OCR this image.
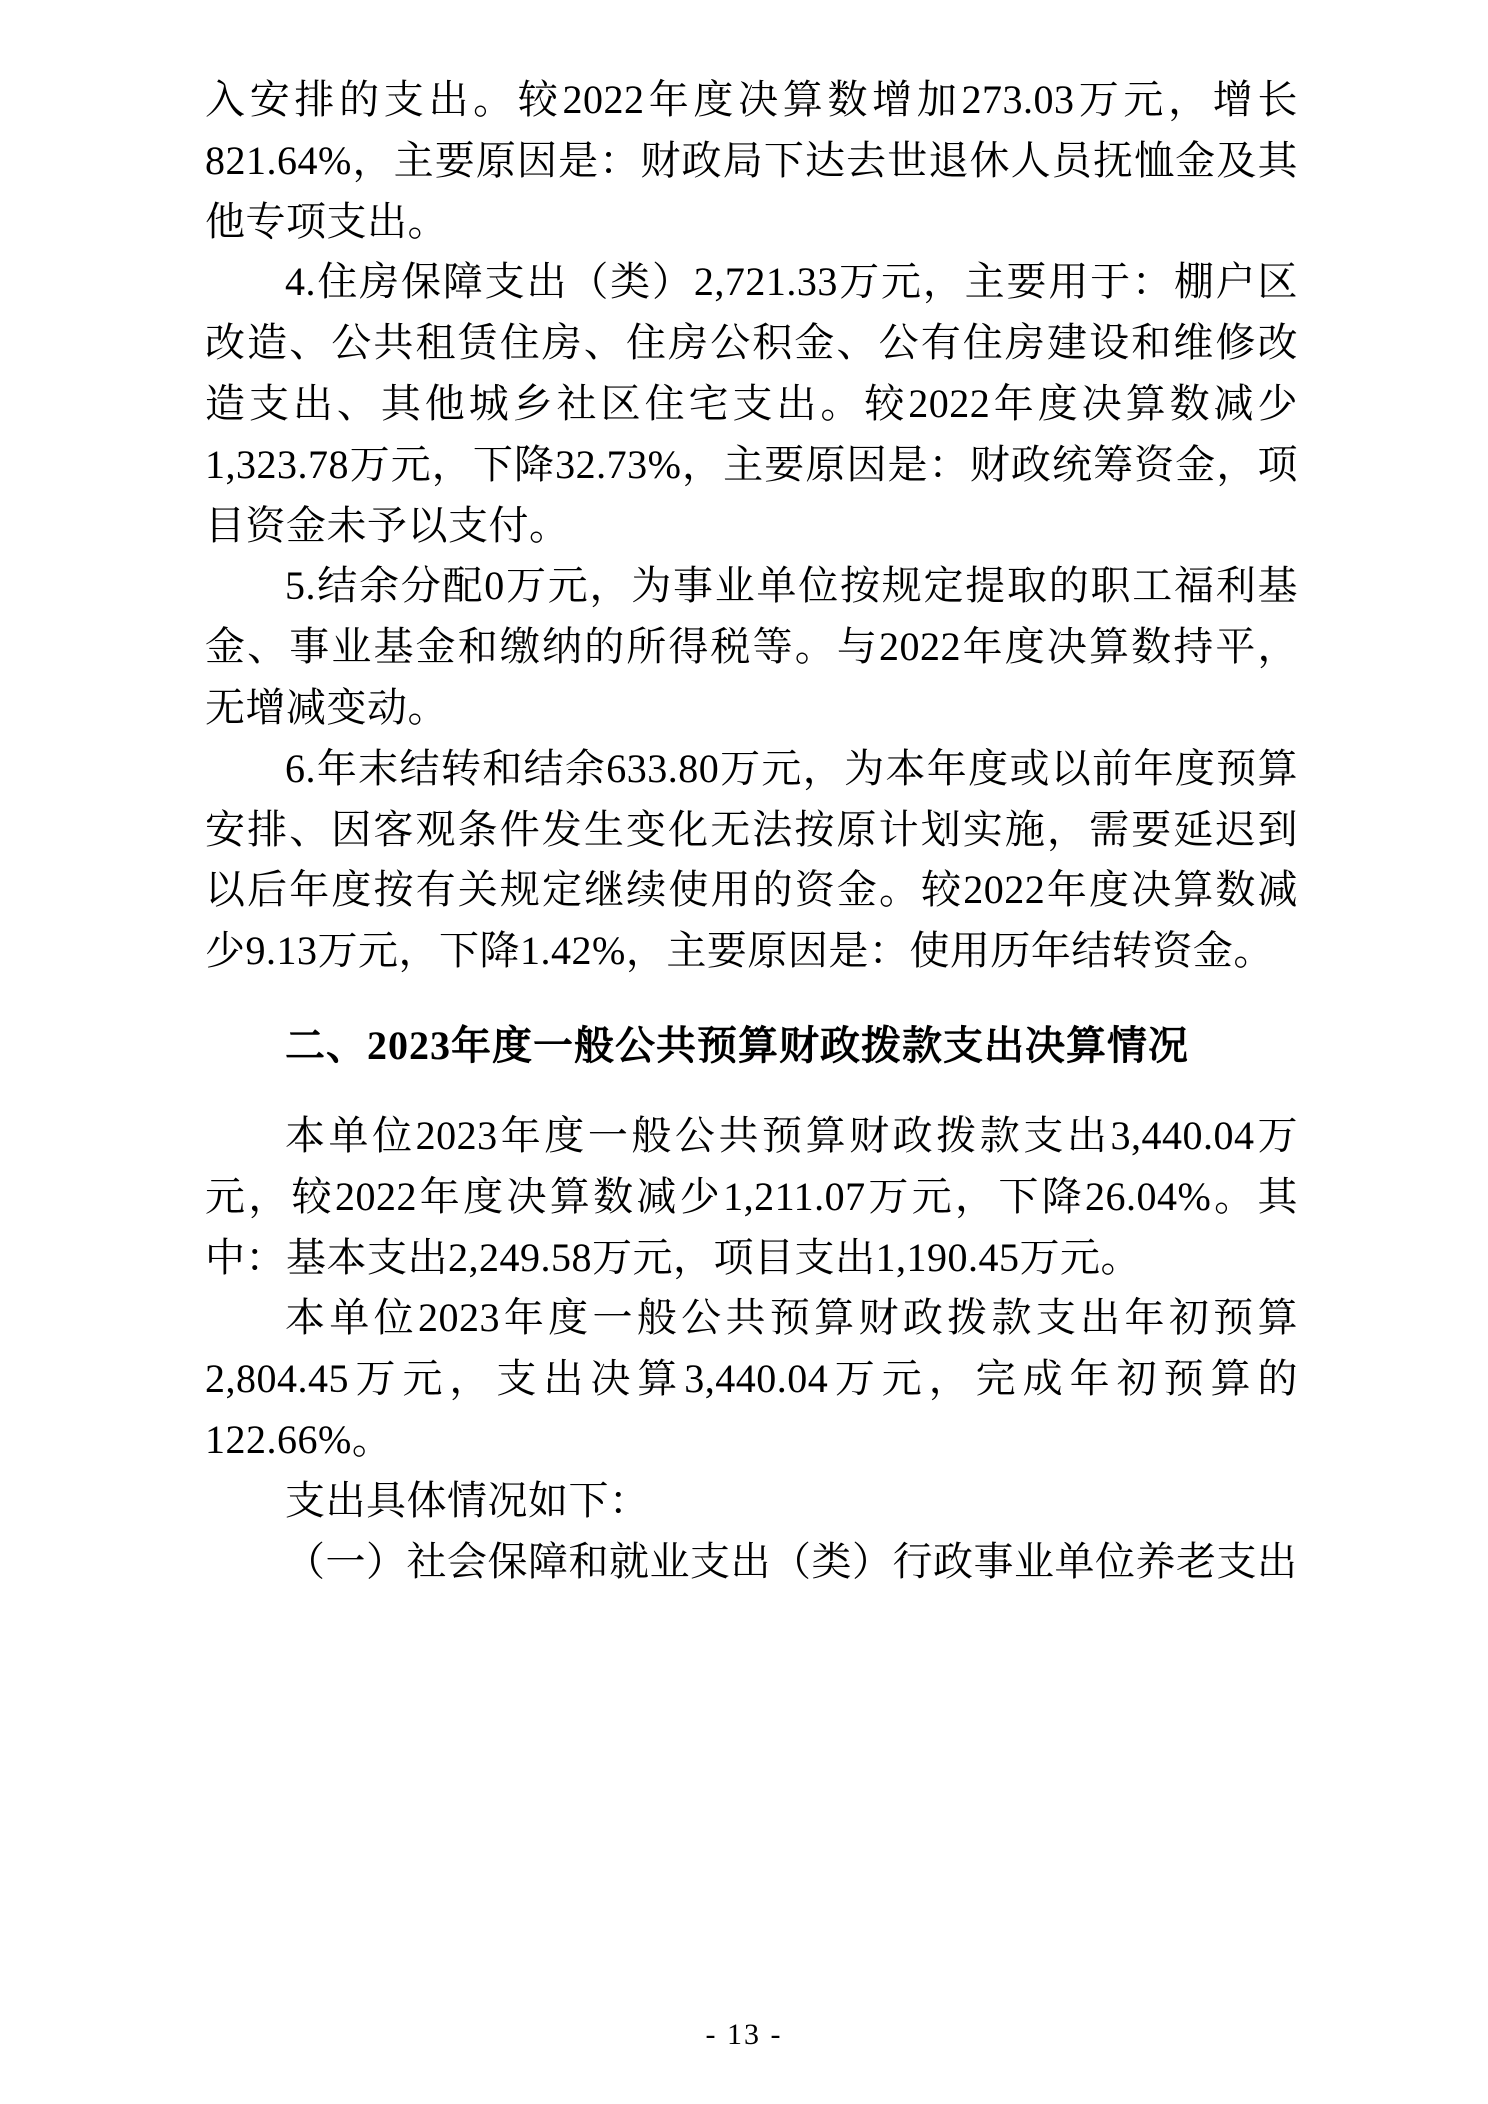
入安排的支出。较2022年度决算数增加273.03万元，增长821.64%，主要原因是：财政局下达去世退休人员抚恤金及其他专项支出。

4.住房保障支出（类）2,721.33万元，主要用于：棚户区改造、公共租赁住房、住房公积金、公有住房建设和维修改造支出、其他城乡社区住宅支出。较2022年度决算数减少1,323.78万元，下降32.73%，主要原因是：财政统筹资金，项目资金未予以支付。

5.结余分配0万元，为事业单位按规定提取的职工福利基金、事业基金和缴纳的所得税等。与2022年度决算数持平，无增减变动。

6.年末结转和结余633.80万元，为本年度或以前年度预算安排、因客观条件发生变化无法按原计划实施，需要延迟到以后年度按有关规定继续使用的资金。较2022年度决算数减少9.13万元，下降1.42%，主要原因是：使用历年结转资金。

二、2023年度一般公共预算财政拨款支出决算情况

本单位2023年度一般公共预算财政拨款支出3,440.04万元，较2022年度决算数减少1,211.07万元，下降26.04%。其中：基本支出2,249.58万元，项目支出1,190.45万元。

本单位2023年度一般公共预算财政拨款支出年初预算2,804.45万元，支出决算3,440.04万元，完成年初预算的122.66%。

支出具体情况如下：

（一）社会保障和就业支出（类）行政事业单位养老支出

- 13 -
